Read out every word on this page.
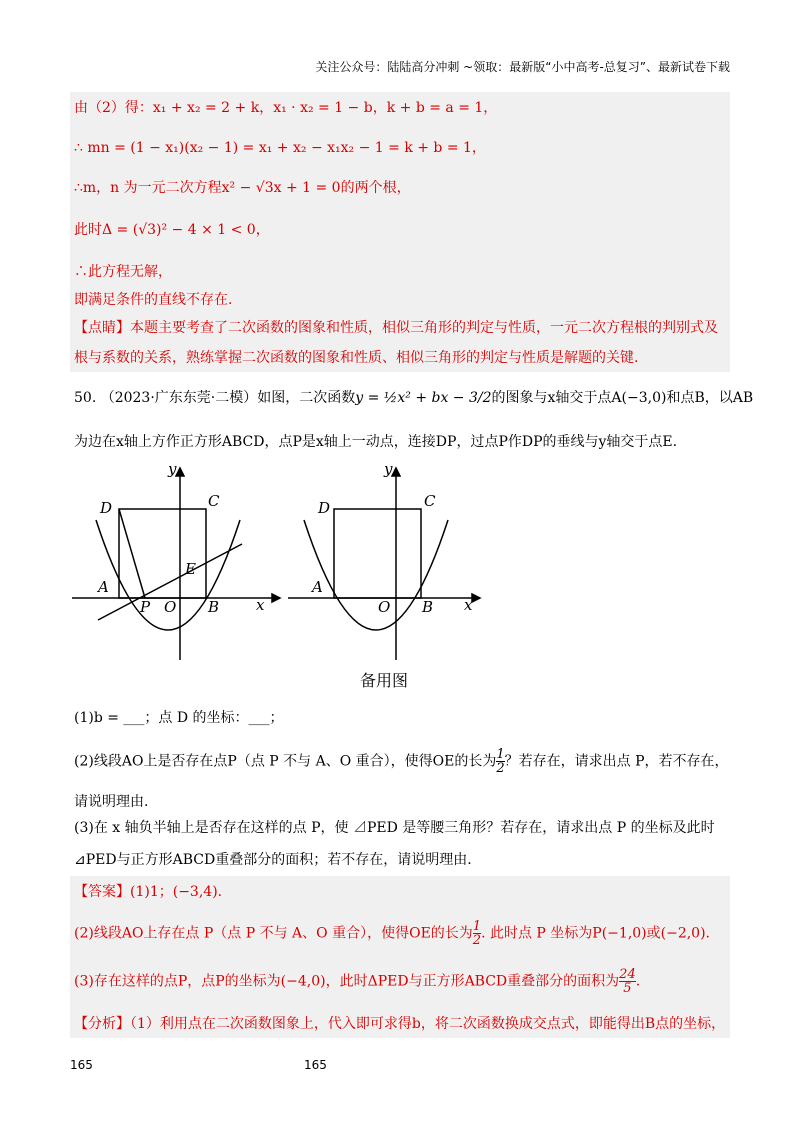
关注公众号：陆陆高分冲刺 ~领取：最新版“小中高考-总复习”、最新试卷下载
由（2）得：x₁ + x₂ = 2 + k，x₁ · x₂ = 1 − b，k + b = a = 1，
∴ mn = (1 − x₁)(x₂ − 1) = x₁ + x₂ − x₁x₂ − 1 = k + b = 1，
∴m，n 为一元二次方程x² − √3x + 1 = 0的两个根，
此时Δ = (√3)² − 4 × 1 < 0，
∴此方程无解，
即满足条件的直线不存在.
【点睛】本题主要考查了二次函数的图象和性质，相似三角形的判定与性质，一元二次方程根的判别式及
根与系数的关系，熟练掌握二次函数的图象和性质、相似三角形的判定与性质是解题的关键.
50. （2023·广东东莞·二模）如图，二次函数y = ½x² + bx − 3/2的图象与x轴交于点A(−3,0)和点B，以AB
为边在x轴上方作正方形ABCD，点P是x轴上一动点，连接DP，过点P作DP的垂线与y轴交于点E.
D	C
A
B
P O
E
x
y
D	C
A
B
O	x
y
备用图
(1)b = ___；点 D 的坐标：___；
(2)线段AO上是否存在点P（点 P 不与 A、O 重合），使得OE的长为 $\frac{1}{2}$ ？若存在，请求出点 P，若不存在，
请说明理由.
(3)在 x 轴负半轴上是否存在这样的点 P，使 ⊿PED 是等腰三角形？若存在，请求出点 P 的坐标及此时
⊿PED与正方形ABCD重叠部分的面积；若不存在，请说明理由.
【答案】(1)1；(−3,4).
(2)线段AO上存在点 P（点 P 不与 A、O 重合），使得OE的长为 $\frac{1}{2}$ . 此时点 P 坐标为P(−1,0)或(−2,0).
(3)存在这样的点P，点P的坐标为(−4,0)，此时ΔPED与正方形ABCD重叠部分的面积为 $\frac{24}{5}$ .
【分析】（1）利用点在二次函数图象上，代入即可求得b，将二次函数换成交点式，即能得出B点的坐标，
165	165
